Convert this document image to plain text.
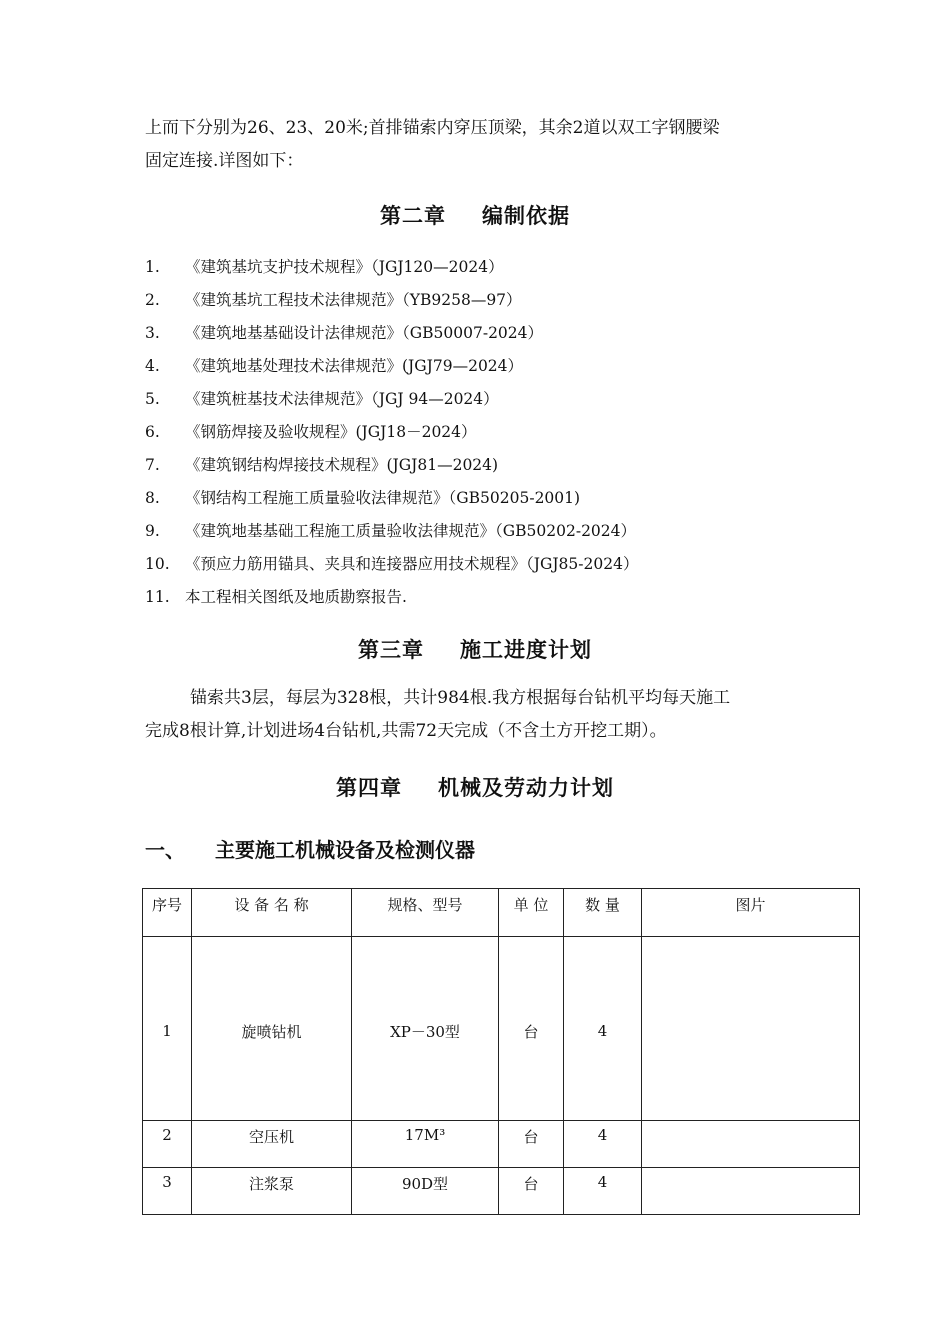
上而下分别为26、23、20米;首排锚索内穿压顶梁，其余2道以双工字钢腰梁
固定连接.详图如下：
第二章 编制依据
1. 《建筑基坑支护技术规程》（JGJ120—2024）
2. 《建筑基坑工程技术法律规范》（YB9258—97）
3. 《建筑地基基础设计法律规范》（GB50007-2024）
4. 《建筑地基处理技术法律规范》(JGJ79—2024）
5. 《建筑桩基技术法律规范》（JGJ 94—2024）
6. 《钢筋焊接及验收规程》(JGJ18－2024）
7. 《建筑钢结构焊接技术规程》(JGJ81—2024)
8. 《钢结构工程施工质量验收法律规范》（GB50205-2001)
9. 《建筑地基基础工程施工质量验收法律规范》（GB50202-2024）
10. 《预应力筋用锚具、夹具和连接器应用技术规程》（JGJ85-2024）
11. 本工程相关图纸及地质勘察报告.
第三章 施工进度计划
锚索共3层，每层为328根，共计984根.我方根据每台钻机平均每天施工
完成8根计算,计划进场4台钻机,共需72天完成（不含土方开挖工期）。
第四章 机械及劳动力计划
一、 主要施工机械设备及检测仪器
序号	设 备 名 称	规格、型号	单 位	数 量	图片
1	旋喷钻机	XP－30型	台	4	
2	空压机	17M³	台	4	
3	注浆泵	90D型	台	4	
